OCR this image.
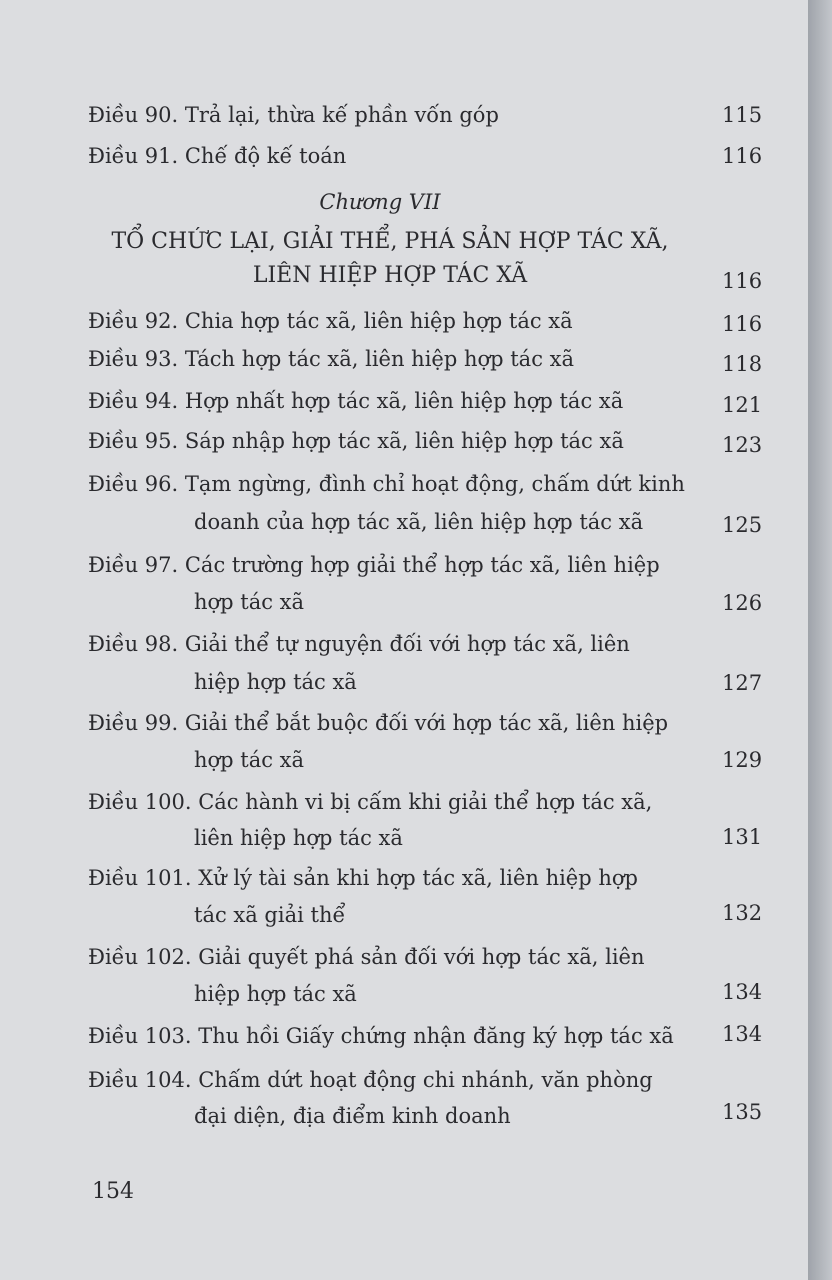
Điều 90. Trả lại, thừa kế phần vốn góp	115
Điều 91. Chế độ kế toán	116
Chương VII
TỔ CHỨC LẠI, GIẢI THỂ, PHÁ SẢN HỢP TÁC XÃ,
LIÊN HIỆP HỢP TÁC XÃ	116
Điều 92. Chia hợp tác xã, liên hiệp hợp tác xã	116
Điều 93. Tách hợp tác xã, liên hiệp hợp tác xã	118
Điều 94. Hợp nhất hợp tác xã, liên hiệp hợp tác xã	121
Điều 95. Sáp nhập hợp tác xã, liên hiệp hợp tác xã	123
Điều 96. Tạm ngừng, đình chỉ hoạt động, chấm dứt kinh
doanh của hợp tác xã, liên hiệp hợp tác xã	125
Điều 97. Các trường hợp giải thể hợp tác xã, liên hiệp
hợp tác xã	126
Điều 98. Giải thể tự nguyện đối với hợp tác xã, liên
hiệp hợp tác xã	127
Điều 99. Giải thể bắt buộc đối với hợp tác xã, liên hiệp
hợp tác xã	129
Điều 100. Các hành vi bị cấm khi giải thể hợp tác xã,
liên hiệp hợp tác xã	131
Điều 101. Xử lý tài sản khi hợp tác xã, liên hiệp hợp
tác xã giải thể	132
Điều 102. Giải quyết phá sản đối với hợp tác xã, liên
hiệp hợp tác xã	134
Điều 103. Thu hồi Giấy chứng nhận đăng ký hợp tác xã 134
Điều 104. Chấm dứt hoạt động chi nhánh, văn phòng
đại diện, địa điểm kinh doanh	135
154
